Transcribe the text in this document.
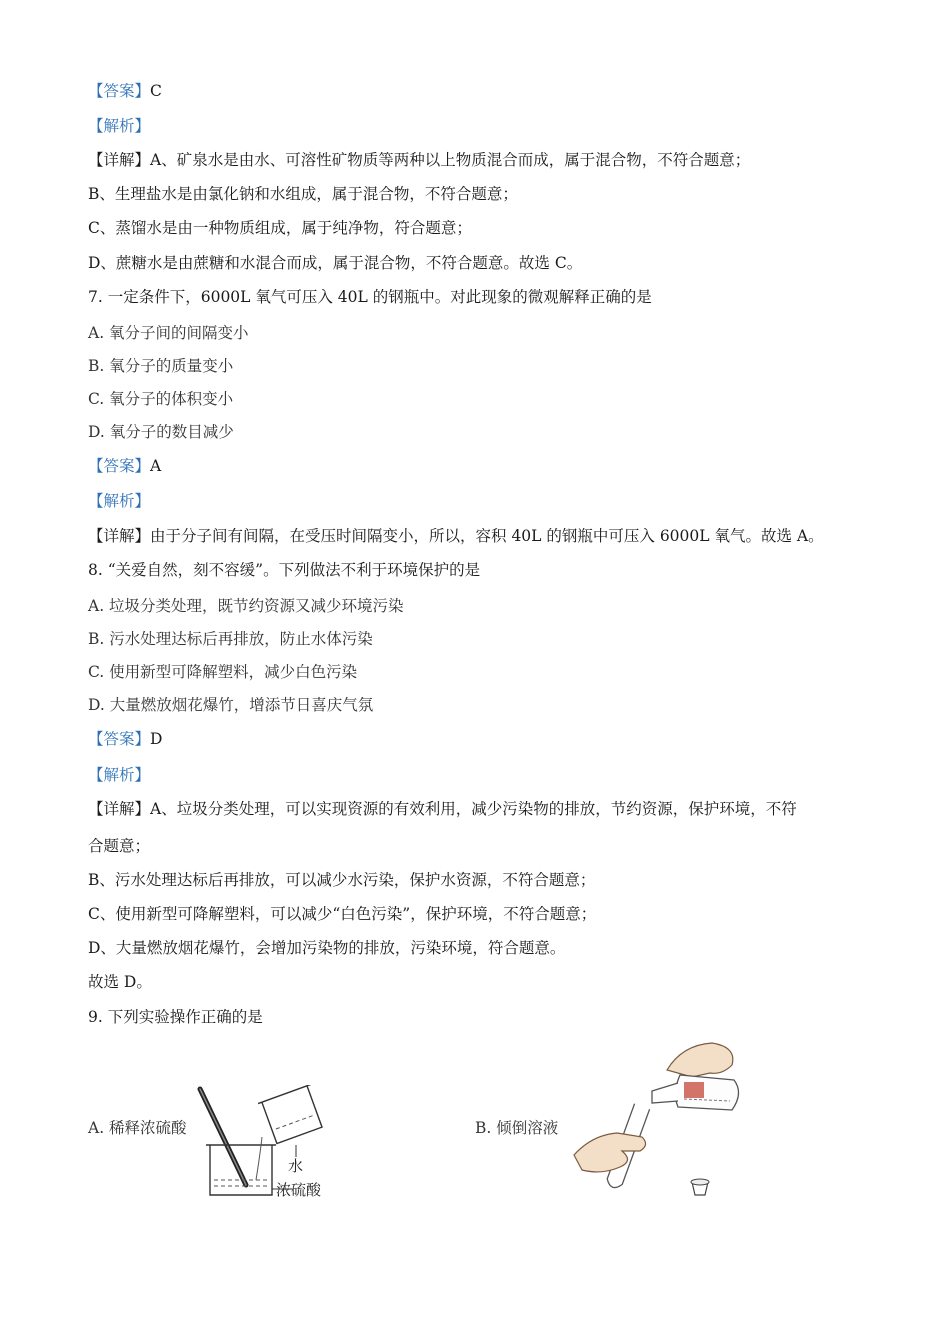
【答案】C
【解析】
【详解】A、矿泉水是由水、可溶性矿物质等两种以上物质混合而成，属于混合物，不符合题意；
B、生理盐水是由氯化钠和水组成，属于混合物，不符合题意；
C、蒸馏水是由一种物质组成，属于纯净物，符合题意；
D、蔗糖水是由蔗糖和水混合而成，属于混合物，不符合题意。故选 C。
7. 一定条件下，6000L 氧气可压入 40L 的钢瓶中。对此现象的微观解释正确的是
A. 氧分子间的间隔变小
B. 氧分子的质量变小
C. 氧分子的体积变小
D. 氧分子的数目减少
【答案】A
【解析】
【详解】由于分子间有间隔，在受压时间隔变小，所以，容积 40L 的钢瓶中可压入 6000L 氧气。故选 A。
8. “关爱自然，刻不容缓”。下列做法不利于环境保护的是
A. 垃圾分类处理，既节约资源又减少环境污染
B. 污水处理达标后再排放，防止水体污染
C. 使用新型可降解塑料，减少白色污染
D. 大量燃放烟花爆竹，增添节日喜庆气氛
【答案】D
【解析】
【详解】A、垃圾分类处理，可以实现资源的有效利用，减少污染物的排放，节约资源，保护环境，不符
合题意；
B、污水处理达标后再排放，可以减少水污染，保护水资源，不符合题意；
C、使用新型可降解塑料，可以减少“白色污染”，保护环境，不符合题意；
D、大量燃放烟花爆竹，会增加污染物的排放，污染环境，符合题意。
故选 D。
9. 下列实验操作正确的是
A. 稀释浓硫酸	B. 倾倒溶液
水
浓硫酸
